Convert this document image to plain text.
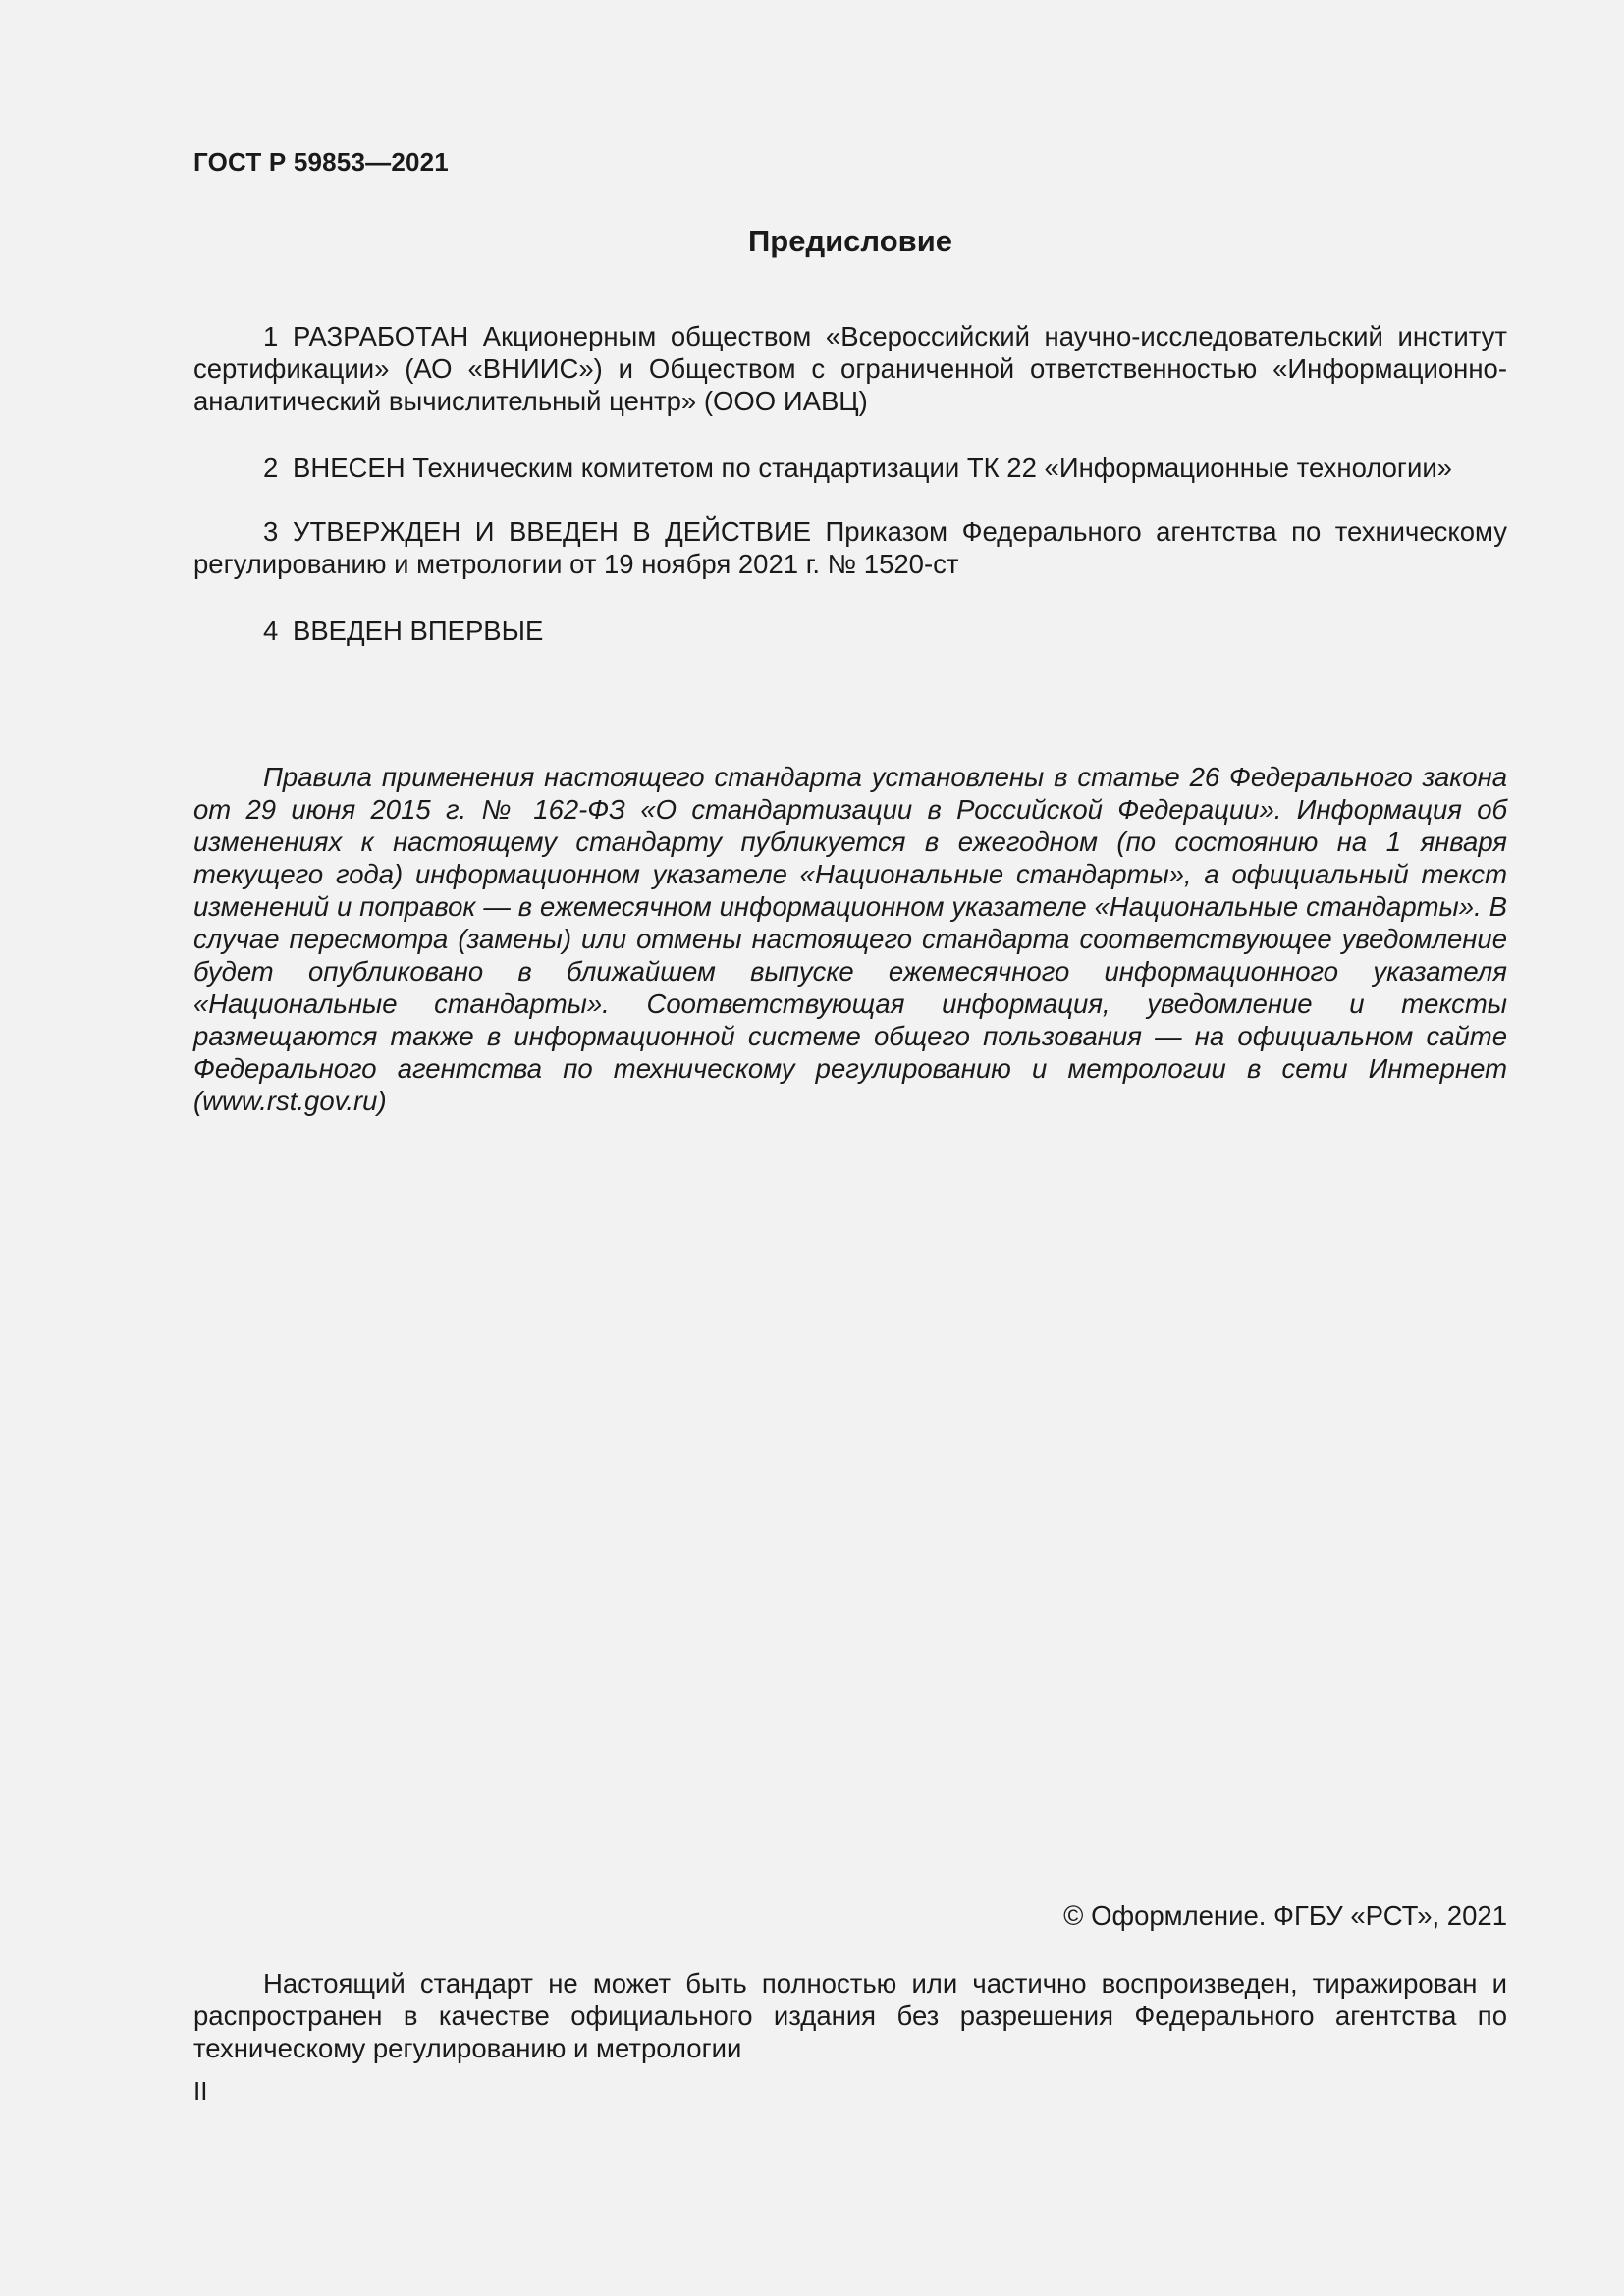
ГОСТ Р 59853—2021
Предисловие

1 РАЗРАБОТАН Акционерным обществом «Всероссийский научно-исследовательский институт сертификации» (АО «ВНИИС») и Обществом с ограниченной ответственностью «Информационно-аналитический вычислительный центр» (ООО ИАВЦ)

2 ВНЕСЕН Техническим комитетом по стандартизации ТК 22 «Информационные технологии»

3 УТВЕРЖДЕН И ВВЕДЕН В ДЕЙСТВИЕ Приказом Федерального агентства по техническому регулированию и метрологии от 19 ноября 2021 г. № 1520-ст

4 ВВЕДЕН ВПЕРВЫЕ

Правила применения настоящего стандарта установлены в статье 26 Федерального закона от 29 июня 2015 г. № 162-ФЗ «О стандартизации в Российской Федерации». Информация об изменениях к настоящему стандарту публикуется в ежегодном (по состоянию на 1 января текущего года) информационном указателе «Национальные стандарты», а официальный текст изменений и поправок — в ежемесячном информационном указателе «Национальные стандарты». В случае пересмотра (замены) или отмены настоящего стандарта соответствующее уведомление будет опубликовано в ближайшем выпуске ежемесячного информационного указателя «Национальные стандарты». Соответствующая информация, уведомление и тексты размещаются также в информационной системе общего пользования — на официальном сайте Федерального агентства по техническому регулированию и метрологии в сети Интернет (www.rst.gov.ru)

© Оформление. ФГБУ «РСТ», 2021

Настоящий стандарт не может быть полностью или частично воспроизведен, тиражирован и распространен в качестве официального издания без разрешения Федерального агентства по техническому регулированию и метрологии

II
